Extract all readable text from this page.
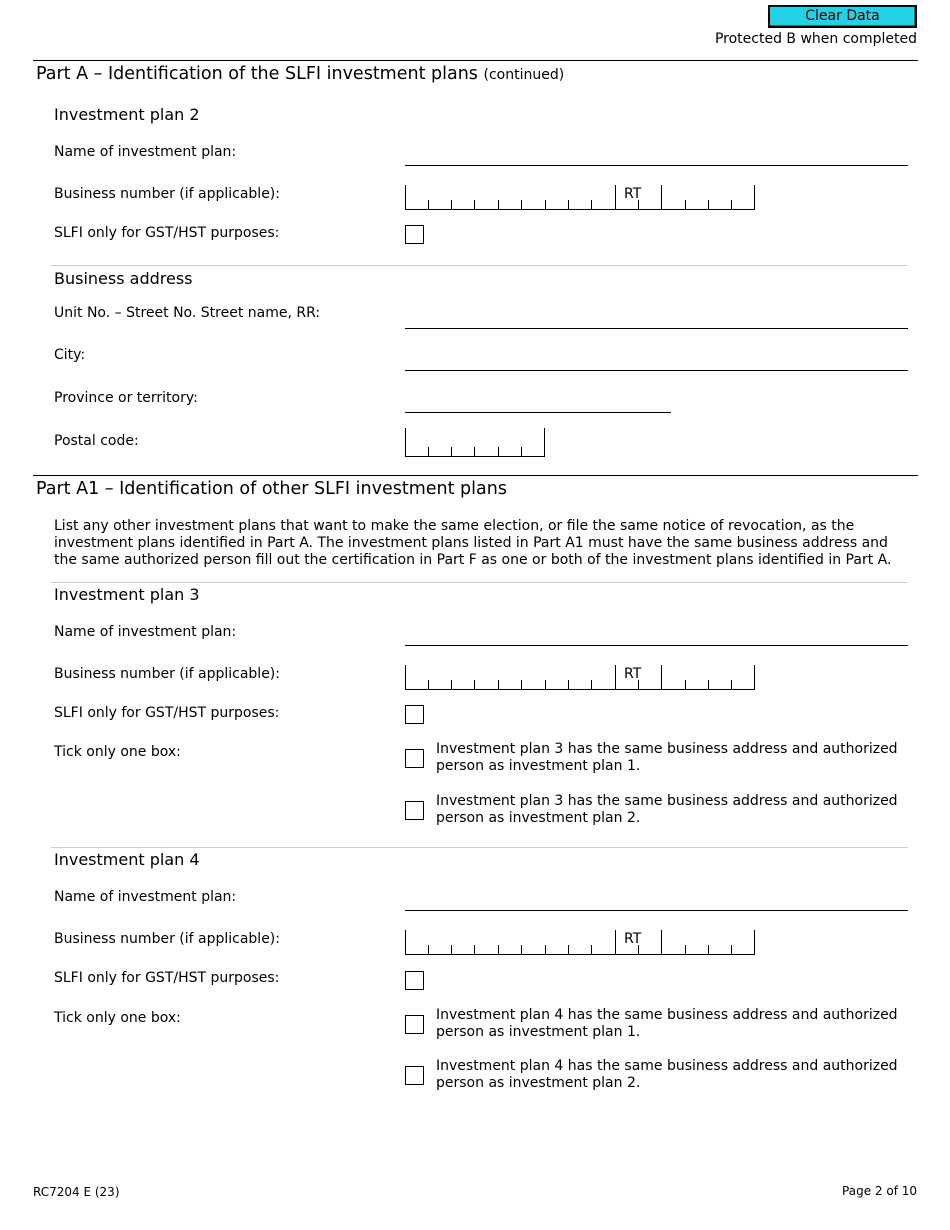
Clear Data
Protected B when completed
Part A – Identification of the SLFI investment plans (continued)
Investment plan 2
Name of investment plan:
Business number (if applicable):	RT
SLFI only for GST/HST purposes:
Business address
Unit No. – Street No. Street name, RR:
City:
Province or territory:
Postal code:
Part A1 – Identification of other SLFI investment plans
List any other investment plans that want to make the same election, or file the same notice of revocation, as the investment plans identified in Part A. The investment plans listed in Part A1 must have the same business address and the same authorized person fill out the certification in Part F as one or both of the investment plans identified in Part A.
Investment plan 3
Name of investment plan:
Business number (if applicable):	RT
SLFI only for GST/HST purposes:
Tick only one box:	Investment plan 3 has the same business address and authorized person as investment plan 1.
Investment plan 3 has the same business address and authorized person as investment plan 2.
Investment plan 4
Name of investment plan:
Business number (if applicable):	RT
SLFI only for GST/HST purposes:
Tick only one box:	Investment plan 4 has the same business address and authorized person as investment plan 1.
Investment plan 4 has the same business address and authorized person as investment plan 2.
RC7204 E (23)	Page 2 of 10
